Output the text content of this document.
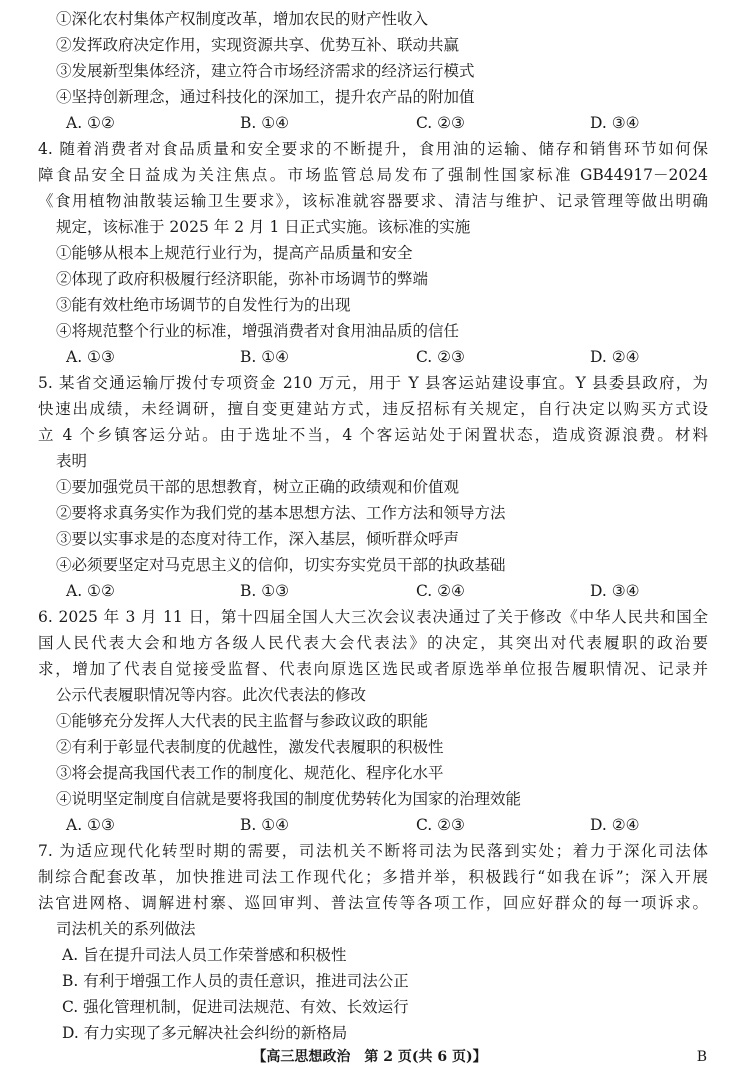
①深化农村集体产权制度改革，增加农民的财产性收入
②发挥政府决定作用，实现资源共享、优势互补、联动共赢
③发展新型集体经济，建立符合市场经济需求的经济运行模式
④坚持创新理念，通过科技化的深加工，提升农产品的附加值
A. ①②	B. ①④	C. ②③	D. ③④
4. 随着消费者对食品质量和安全要求的不断提升，食用油的运输、储存和销售环节如何保
障食品安全日益成为关注焦点。市场监管总局发布了强制性国家标准 GB44917－2024
《食用植物油散装运输卫生要求》，该标准就容器要求、清洁与维护、记录管理等做出明确
规定，该标准于 2025 年 2 月 1 日正式实施。该标准的实施
①能够从根本上规范行业行为，提高产品质量和安全
②体现了政府积极履行经济职能，弥补市场调节的弊端
③能有效杜绝市场调节的自发性行为的出现
④将规范整个行业的标准，增强消费者对食用油品质的信任
A. ①③	B. ①④	C. ②③	D. ②④
5. 某省交通运输厅拨付专项资金 210 万元，用于 Y 县客运站建设事宜。Y 县委县政府，为
快速出成绩，未经调研，擅自变更建站方式，违反招标有关规定，自行决定以购买方式设
立 4 个乡镇客运分站。由于选址不当，4 个客运站处于闲置状态，造成资源浪费。材料
表明
①要加强党员干部的思想教育，树立正确的政绩观和价值观
②要将求真务实作为我们党的基本思想方法、工作方法和领导方法
③要以实事求是的态度对待工作，深入基层，倾听群众呼声
④必须要坚定对马克思主义的信仰，切实夯实党员干部的执政基础
A. ①②	B. ①③	C. ②④	D. ③④
6. 2025 年 3 月 11 日，第十四届全国人大三次会议表决通过了关于修改《中华人民共和国全
国人民代表大会和地方各级人民代表大会代表法》的决定，其突出对代表履职的政治要
求，增加了代表自觉接受监督、代表向原选区选民或者原选举单位报告履职情况、记录并
公示代表履职情况等内容。此次代表法的修改
①能够充分发挥人大代表的民主监督与参政议政的职能
②有利于彰显代表制度的优越性，激发代表履职的积极性
③将会提高我国代表工作的制度化、规范化、程序化水平
④说明坚定制度自信就是要将我国的制度优势转化为国家的治理效能
A. ①③	B. ①④	C. ②③	D. ②④
7. 为适应现代化转型时期的需要，司法机关不断将司法为民落到实处；着力于深化司法体
制综合配套改革，加快推进司法工作现代化；多措并举，积极践行“如我在诉”；深入开展
法官进网格、调解进村寨、巡回审判、普法宣传等各项工作，回应好群众的每一项诉求。
司法机关的系列做法
A. 旨在提升司法人员工作荣誉感和积极性
B. 有利于增强工作人员的责任意识，推进司法公正
C. 强化管理机制，促进司法规范、有效、长效运行
D. 有力实现了多元解决社会纠纷的新格局
【高三思想政治　第 2 页(共 6 页)】	B
